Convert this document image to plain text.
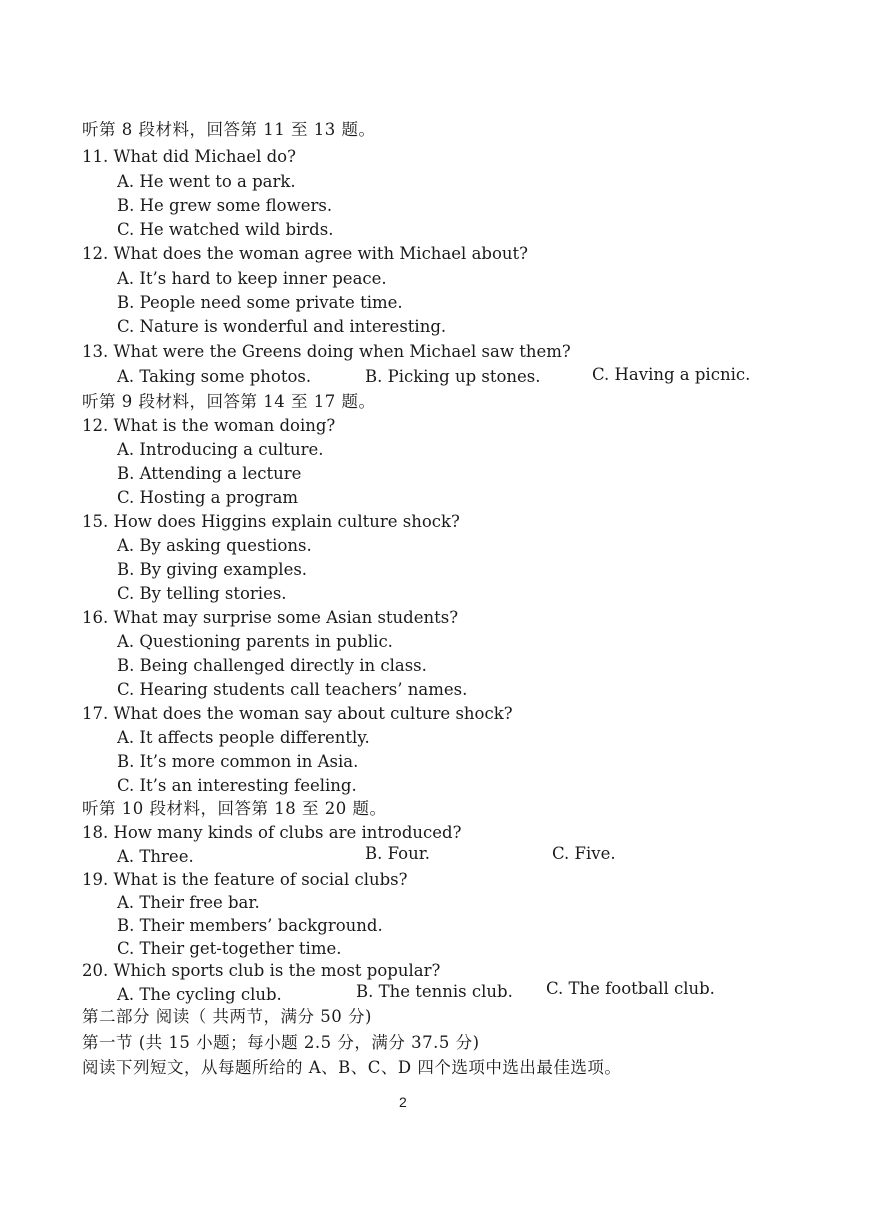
听第 8 段材料，回答第 11 至 13 题。
11. What did Michael do?
A. He went to a park.
B. He grew some flowers.
C. He watched wild birds.
12. What does the woman agree with Michael about?
A. It’s hard to keep inner peace.
B. People need some private time.
C. Nature is wonderful and interesting.
13. What were the Greens doing when Michael saw them?
A. Taking some photos.	B. Picking up stones.	C. Having a picnic.
听第 9 段材料，回答第 14 至 17 题。
12. What is the woman doing?
A. Introducing a culture.
B. Attending a lecture
C. Hosting a program
15. How does Higgins explain culture shock?
A. By asking questions.
B. By giving examples.
C. By telling stories.
16. What may surprise some Asian students?
A. Questioning parents in public.
B. Being challenged directly in class.
C. Hearing students call teachers’ names.
17. What does the woman say about culture shock?
A. It affects people differently.
B. It’s more common in Asia.
C. It’s an interesting feeling.
听第 10 段材料，回答第 18 至 20 题。
18. How many kinds of clubs are introduced?
A. Three.	B. Four.	C. Five.
19. What is the feature of social clubs?
A. Their free bar.
B. Their members’ background.
C. Their get-together time.
20. Which sports club is the most popular?
A. The cycling club.	B. The tennis club. C. The football club.
第二部分 阅读（ 共两节，满分 50 分)
第一节 (共 15 小题；每小题 2.5 分，满分 37.5 分)
阅读下列短文，从每题所给的 A、B、C、D 四个选项中选出最佳选项。
2
